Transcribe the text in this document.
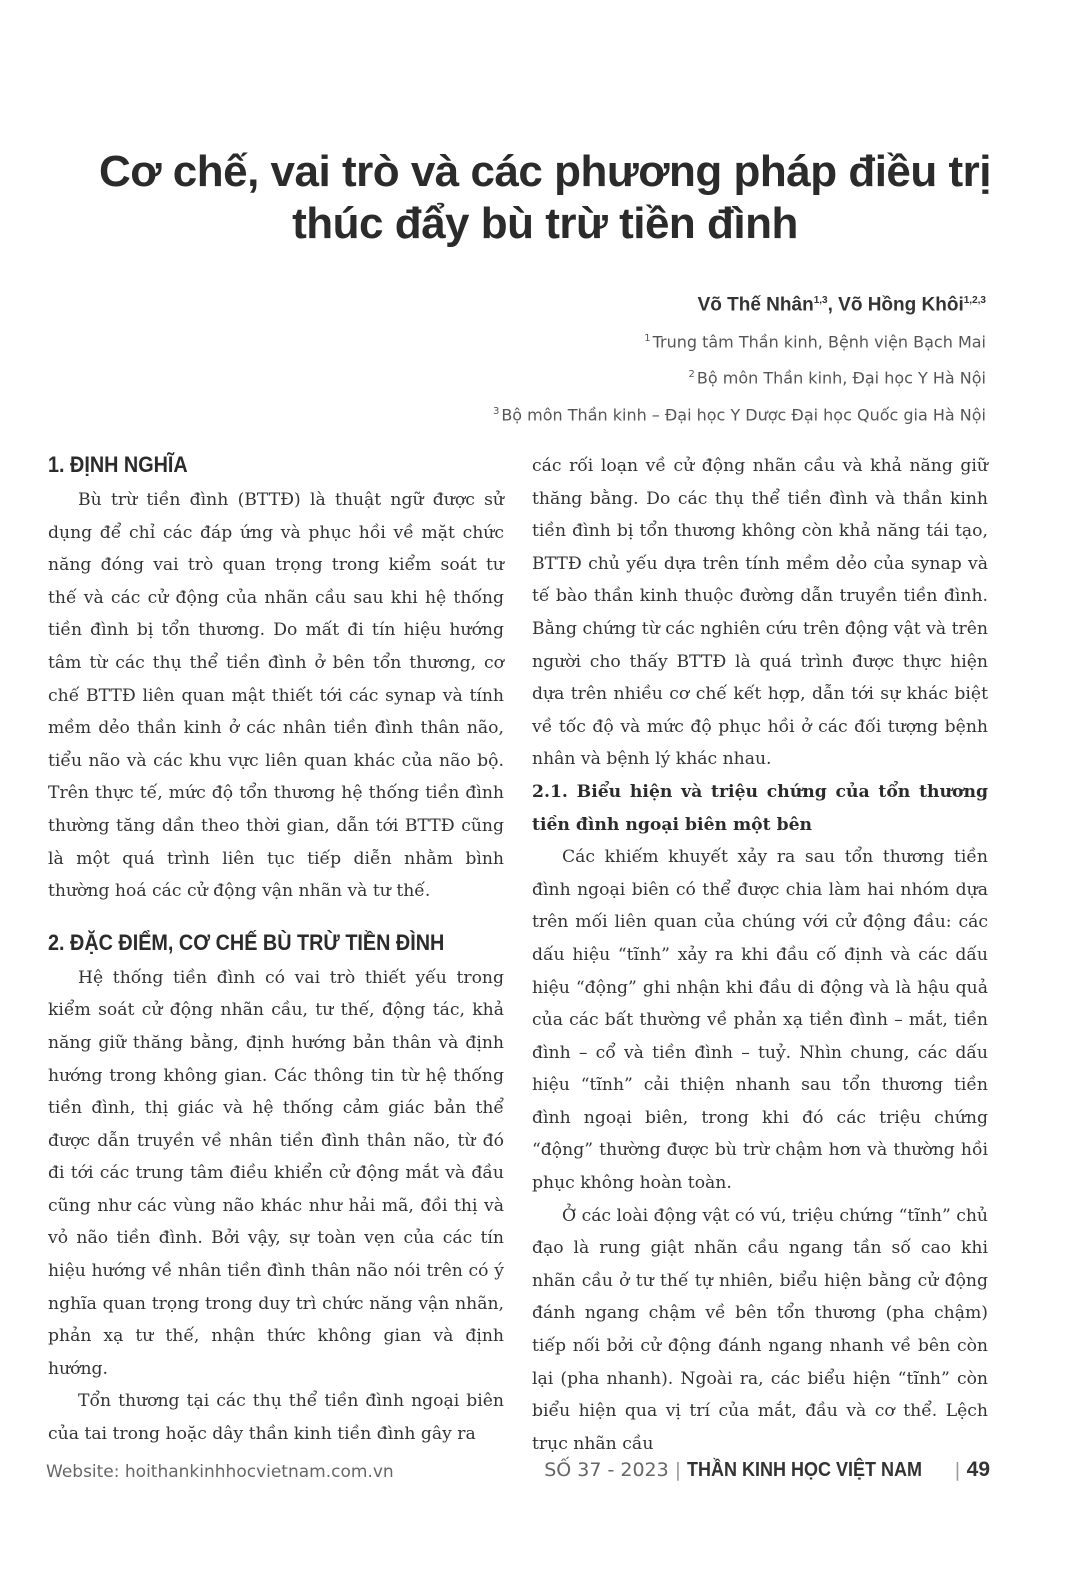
Cơ chế, vai trò và các phương pháp điều trị
thúc đẩy bù trừ tiền đình
Võ Thế Nhân$^{1,3}$, Võ Hồng Khôi$^{1,2,3}$
$^1$ Trung tâm Thần kinh, Bệnh viện Bạch Mai
$^2$ Bộ môn Thần kinh, Đại học Y Hà Nội
$^3$ Bộ môn Thần kinh – Đại học Y Dược Đại học Quốc gia Hà Nội
1. ĐỊNH NGHĨA

Bù trừ tiền đình (BTTĐ) là thuật ngữ được sử dụng để chỉ các đáp ứng và phục hồi về mặt chức năng đóng vai trò quan trọng trong kiểm soát tư thế và các cử động của nhãn cầu sau khi hệ thống tiền đình bị tổn thương. Do mất đi tín hiệu hướng tâm từ các thụ thể tiền đình ở bên tổn thương, cơ chế BTTĐ liên quan mật thiết tới các synap và tính mềm dẻo thần kinh ở các nhân tiền đình thân não, tiểu não và các khu vực liên quan khác của não bộ. Trên thực tế, mức độ tổn thương hệ thống tiền đình thường tăng dần theo thời gian, dẫn tới BTTĐ cũng là một quá trình liên tục tiếp diễn nhằm bình thường hoá các cử động vận nhãn và tư thế.

2. ĐẶC ĐIỂM, CƠ CHẾ BÙ TRỪ TIỀN ĐÌNH

Hệ thống tiền đình có vai trò thiết yếu trong kiểm soát cử động nhãn cầu, tư thế, động tác, khả năng giữ thăng bằng, định hướng bản thân và định hướng trong không gian. Các thông tin từ hệ thống tiền đình, thị giác và hệ thống cảm giác bản thể được dẫn truyền về nhân tiền đình thân não, từ đó đi tới các trung tâm điều khiển cử động mắt và đầu cũng như các vùng não khác như hải mã, đồi thị và vỏ não tiền đình. Bởi vậy, sự toàn vẹn của các tín hiệu hướng về nhân tiền đình thân não nói trên có ý nghĩa quan trọng trong duy trì chức năng vận nhãn, phản xạ tư thế, nhận thức không gian và định hướng.

Tổn thương tại các thụ thể tiền đình ngoại biên của tai trong hoặc dây thần kinh tiền đình gây ra

các rối loạn về cử động nhãn cầu và khả năng giữ thăng bằng. Do các thụ thể tiền đình và thần kinh tiền đình bị tổn thương không còn khả năng tái tạo, BTTĐ chủ yếu dựa trên tính mềm dẻo của synap và tế bào thần kinh thuộc đường dẫn truyền tiền đình. Bằng chứng từ các nghiên cứu trên động vật và trên người cho thấy BTTĐ là quá trình được thực hiện dựa trên nhiều cơ chế kết hợp, dẫn tới sự khác biệt về tốc độ và mức độ phục hồi ở các đối tượng bệnh nhân và bệnh lý khác nhau.

2.1. Biểu hiện và triệu chứng của tổn thương tiền đình ngoại biên một bên

Các khiếm khuyết xảy ra sau tổn thương tiền đình ngoại biên có thể được chia làm hai nhóm dựa trên mối liên quan của chúng với cử động đầu: các dấu hiệu “tĩnh” xảy ra khi đầu cố định và các dấu hiệu “động” ghi nhận khi đầu di động và là hậu quả của các bất thường về phản xạ tiền đình – mắt, tiền đình – cổ và tiền đình – tuỷ. Nhìn chung, các dấu hiệu “tĩnh” cải thiện nhanh sau tổn thương tiền đình ngoại biên, trong khi đó các triệu chứng “động” thường được bù trừ chậm hơn và thường hồi phục không hoàn toàn.

Ở các loài động vật có vú, triệu chứng “tĩnh” chủ đạo là rung giật nhãn cầu ngang tần số cao khi nhãn cầu ở tư thế tự nhiên, biểu hiện bằng cử động đánh ngang chậm về bên tổn thương (pha chậm) tiếp nối bởi cử động đánh ngang nhanh về bên còn lại (pha nhanh). Ngoài ra, các biểu hiện “tĩnh” còn biểu hiện qua vị trí của mắt, đầu và cơ thể. Lệch trục nhãn cầu

Website: hoithankinhhocvietnam.com.vn	SỐ 37 - 2023 | THẦN KINH HỌC VIỆT NAM | 49
